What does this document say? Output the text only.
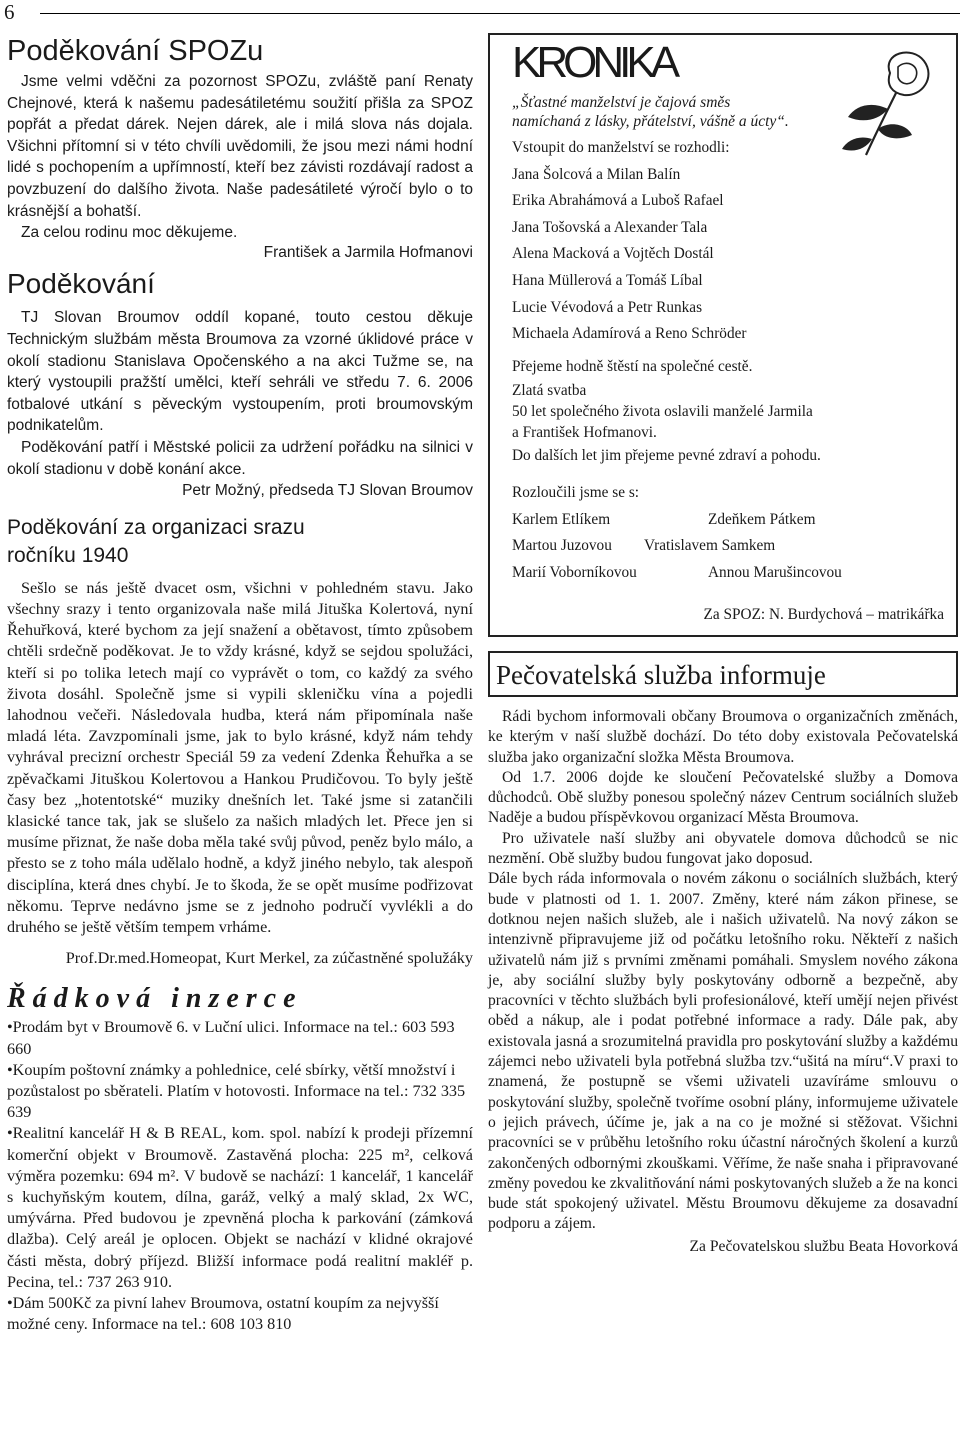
6
Poděkování SPOZu

Jsme velmi vděčni za pozornost SPOZu, zvláště paní Renaty Chejnové, která k našemu padesátiletému soužití přišla za SPOZ popřát a předat dárek. Nejen dárek, ale i milá slova nás dojala. Všichni přítomní si v této chvíli uvědomili, že jsou mezi námi hodní lidé s pochopením a upřímností, kteří bez závisti rozdávají radost a povzbuzení do dalšího života. Naše padesátileté výročí bylo o to krásnější a bohatší.

Za celou rodinu moc děkujeme.

František a Jarmila Hofmanovi

Poděkování

TJ Slovan Broumov oddíl kopané, touto cestou děkuje Technickým službám města Broumova za vzorné úklidové práce v okolí stadionu Stanislava Opočenského a na akci Tužme se, na který vystoupili pražští umělci, kteří sehráli ve středu 7. 6. 2006 fotbalové utkání s pěveckým vystoupením, proti broumovským podnikatelům.

Poděkování patří i Městské policii za udržení pořádku na silnici v okolí stadionu v době konání akce.

Petr Možný, předseda TJ Slovan Broumov

Poděkování za organizaci srazu ročníku 1940

Sešlo se nás ještě dvacet osm, všichni v pohledném stavu. Jako všechny srazy i tento organizovala naše milá Jituška Kolertová, nyní Řehuřková, které bychom za její snažení a obětavost, tímto způsobem chtěli srdečně poděkovat. Je to vždy krásné, když se sejdou spolužáci, kteří si po tolika letech mají co vyprávět o tom, co každý za svého života dosáhl. Společně jsme si vypili skleničku vína a pojedli lahodnou večeři. Následovala hudba, která nám připomínala naše mladá léta. Zavzpomínali jsme, jak to bylo krásné, když nám tehdy vyhrával precizní orchestr Speciál 59 za vedení Zdenka Řehuřka a se zpěvačkami Jituškou Kolertovou a Hankou Prudičovou. To byly ještě časy bez „hotentotské“ muziky dnešních let. Také jsme si zatančili klasické tance tak, jak se slušelo za našich mladých let. Přece jen si musíme přiznat, že naše doba měla také svůj původ, peněz bylo málo, a přesto se z toho mála udělalo hodně, a když jiného nebylo, tak alespoň disciplína, která dnes chybí. Je to škoda, že se opět musíme podřizovat někomu. Teprve nedávno jsme se z jednoho područí vyvlékli a do druhého se ještě větším tempem vrháme.

Prof.Dr.med.Homeopat, Kurt Merkel, za zúčastněné spolužáky

Řádková inzerce

•Prodám byt v Broumově 6. v Luční ulici. Informace na tel.: 603 593 660

•Koupím poštovní známky a pohlednice, celé sbírky, větší množství i pozůstalost po sběrateli. Platím v hotovosti. Informace na tel.: 732 335 639

•Realitní kancelář H & B REAL, kom. spol. nabízí k prodeji přízemní komerční objekt v Broumově. Zastavěná plocha: 225 m², celková výměra pozemku: 694 m². V budově se nachází: 1 kancelář, 1 kancelář s kuchyňským koutem, dílna, garáž, velký a malý sklad, 2x WC, umývárna. Před budovou je zpevněná plocha k parkování (zámková dlažba). Celý areál je oplocen. Objekt se nachází v klidné okrajové části města, dobrý příjezd. Bližší informace podá realitní makléř p. Pecina, tel.: 737 263 910.

•Dám 500Kč za pivní lahev Broumova, ostatní koupím za nejvyšší možné ceny. Informace na tel.: 608 103 810

KRONIKA
„Šťastné manželství je čajová směs
namíchaná z lásky, přátelství, vášně a úcty“.
Vstoupit do manželství se rozhodli:
Jana Šolcová a Milan Balín
Erika Abrahámová a Luboš Rafael
Jana Tošovská a Alexander Tala
Alena Macková a Vojtěch Dostál
Hana Müllerová a Tomáš Líbal
Lucie Vévodová a Petr Runkas
Michaela Adamírová a Reno Schröder
Přejeme hodně štěstí na společné cestě.
Zlatá svatba
50 let společného života oslavili manželé Jarmila
a František Hofmanovi.
Do dalších let jim přejeme pevné zdraví a pohodu.
Rozloučili jsme se s:
Karlem Etlíkem	Zdeňkem Pátkem
Martou Juzovou	Vratislavem Samkem
Marií Voborníkovou	Annou Marušincovou
Za SPOZ: N. Burdychová – matrikářka
Pečovatelská služba informuje

Rádi bychom informovali občany Broumova o organizačních změnách, ke kterým v naší službě dochází. Do této doby existovala Pečovatelská služba jako organizační složka Města Broumova.

Od 1.7. 2006 dojde ke sloučení Pečovatelské služby a Domova důchodců. Obě služby ponesou společný název Centrum sociálních služeb Naděje a budou příspěvkovou organizací Města Broumova.

Pro uživatele naší služby ani obyvatele domova důchodců se nic nezmění. Obě služby budou fungovat jako doposud.

Dále bych ráda informovala o novém zákonu o sociálních službách, který bude v platnosti od 1. 1. 2007. Změny, které nám zákon přinese, se dotknou nejen našich služeb, ale i našich uživatelů. Na nový zákon se intenzivně připravujeme již od počátku letošního roku. Někteří z našich uživatelů nám již s prvními změnami pomáhali. Smyslem nového zákona je, aby sociální služby byly poskytovány odborně a bezpečně, aby pracovníci v těchto službách byli profesionálové, kteří umějí nejen přivést oběd a nákup, ale i podat potřebné informace a rady. Dále pak, aby existovala jasná a srozumitelná pravidla pro poskytování služby a každému zájemci nebo uživateli byla potřebná služba tzv.“ušitá na míru“.V praxi to znamená, že postupně se všemi uživateli uzavíráme smlouvu o poskytování služby, společně tvoříme osobní plány, informujeme uživatele o jejich právech, účíme je, jak a na co je možné si stěžovat. Všichni pracovníci se v průběhu letošního roku účastní náročných školení a kurzů zakončených odbornými zkouškami. Věříme, že naše snaha i připravované změny povedou ke zkvalitňování námi poskytovaných služeb a že na konci bude stát spokojený uživatel. Městu Broumovu děkujeme za dosavadní podporu a zájem.

Za Pečovatelskou službu Beata Hovorková
